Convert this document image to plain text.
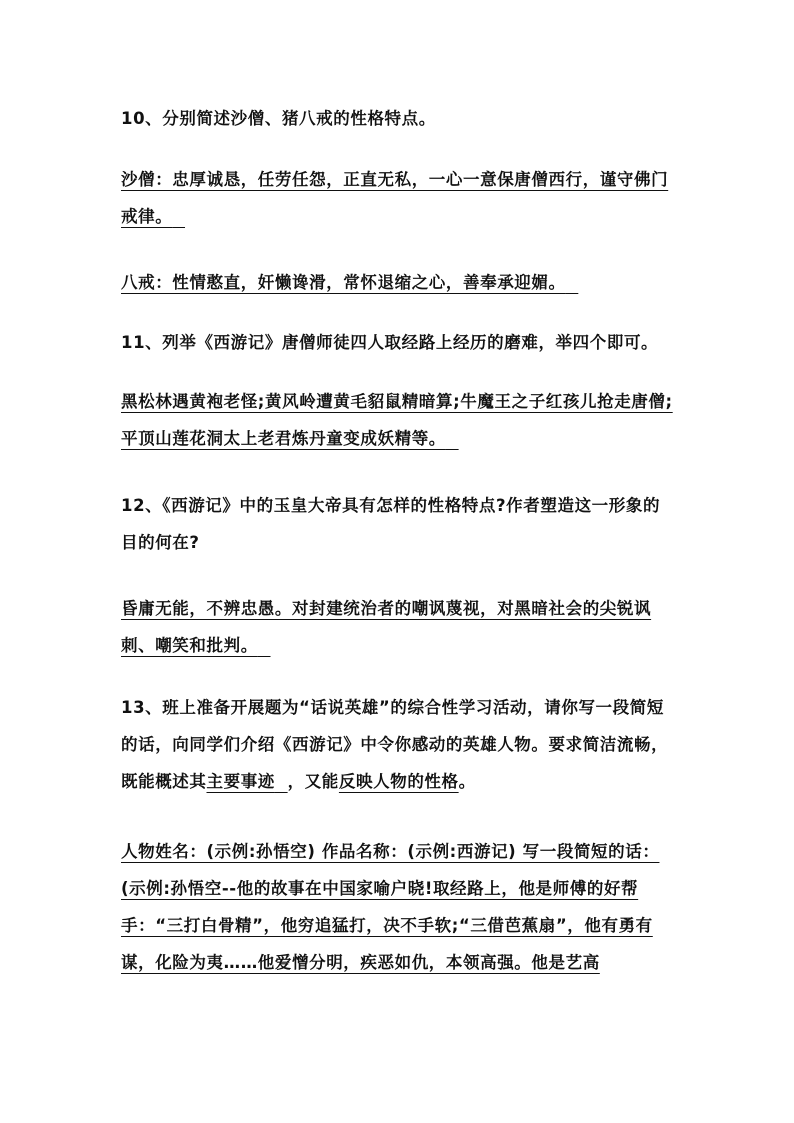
10、分别简述沙僧、猪八戒的性格特点。

沙僧：忠厚诚恳，任劳任怨，正直无私，一心一意保唐僧西行，谨守佛门戒律。

八戒：性情憨直，奸懒谗滑，常怀退缩之心，善奉承迎媚。

11、列举《西游记》唐僧师徒四人取经路上经历的磨难，举四个即可。

黑松林遇黄袍老怪;黄风岭遭黄毛貂鼠精暗算;牛魔王之子红孩儿抢走唐僧;平顶山莲花洞太上老君炼丹童变成妖精等。

12、《西游记》中的玉皇大帝具有怎样的性格特点?作者塑造这一形象的目的何在?

昏庸无能，不辨忠愚。对封建统治者的嘲讽蔑视，对黑暗社会的尖锐讽刺、嘲笑和批判。

13、班上准备开展题为“话说英雄”的综合性学习活动，请你写一段简短的话，向同学们介绍《西游记》中令你感动的英雄人物。要求简洁流畅，既能概述其主要事迹 ，又能反映人物的性格。

人物姓名：(示例:孙悟空) 作品名称：(示例:西游记) 写一段简短的话：(示例:孙悟空--他的故事在中国家喻户晓!取经路上，他是师傅的好帮手：“三打白骨精”，他穷追猛打，决不手软;“三借芭蕉扇”，他有勇有谋，化险为夷……他爱憎分明，疾恶如仇，本领高强。他是艺高
